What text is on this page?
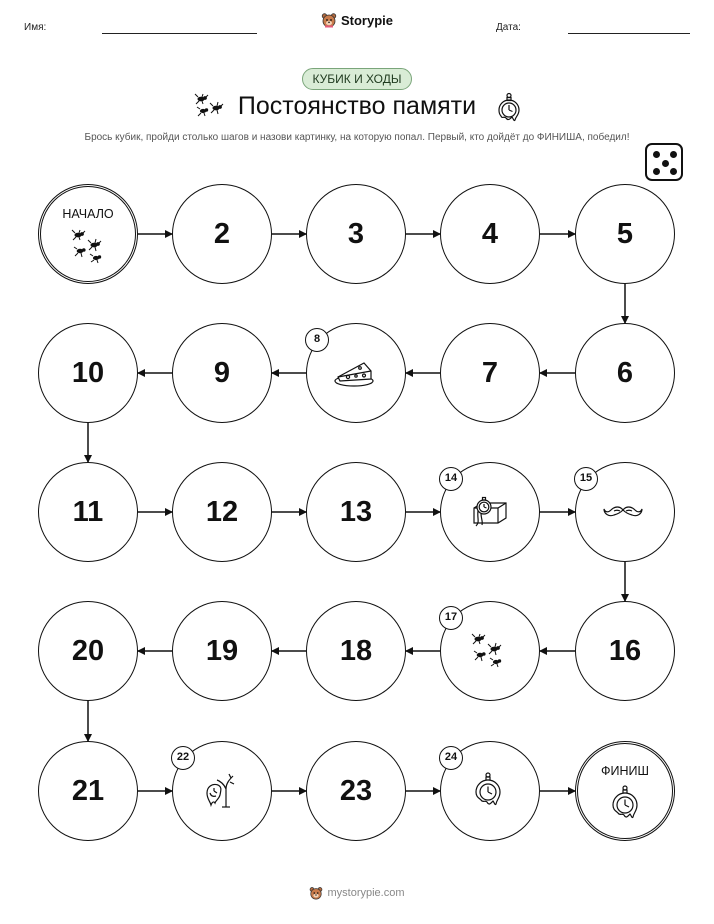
Имя:	Дата:
Storypie
КУБИК И ХОДЫ
Постоянство памяти
Брось кубик, пройди столько шагов и назови картинку, на которую попал. Первый, кто дойдёт до ФИНИША, победил!
НАЧАЛО
2	3	4	5
6
7
8
9
10
11	12	13
14	15
16
17
18
19
20
21
22
23
24
ФИНИШ
mystorypie.com
